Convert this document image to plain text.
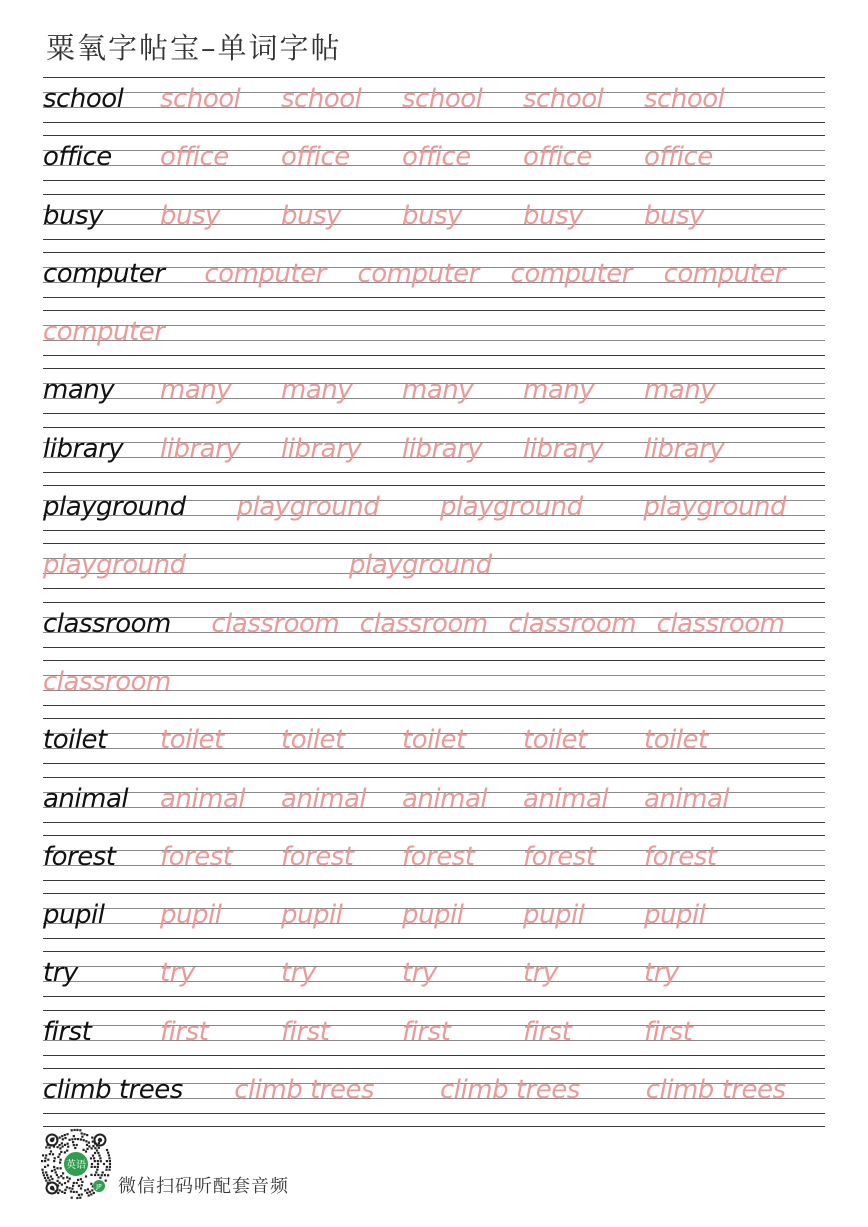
粟氧字帖宝–单词字帖
school school school school school school
office office office office office office
busy busy busy busy busy busy
computer computer computer computer computer
computer
many many many many many many
library library library library library library
playground playground playground playground
playground	playground
classroom classroom classroom classroom classroom
classroom
toilet toilet toilet toilet toilet toilet
animal animal animal animal animal animal
forest forest forest forest forest forest
pupil pupil pupil pupil pupil pupil
try	try	try	try	try	try
first	first	first	first	first	first
climb trees climb trees	climb trees	climb trees
英语
JP 微信扫码听配套音频
